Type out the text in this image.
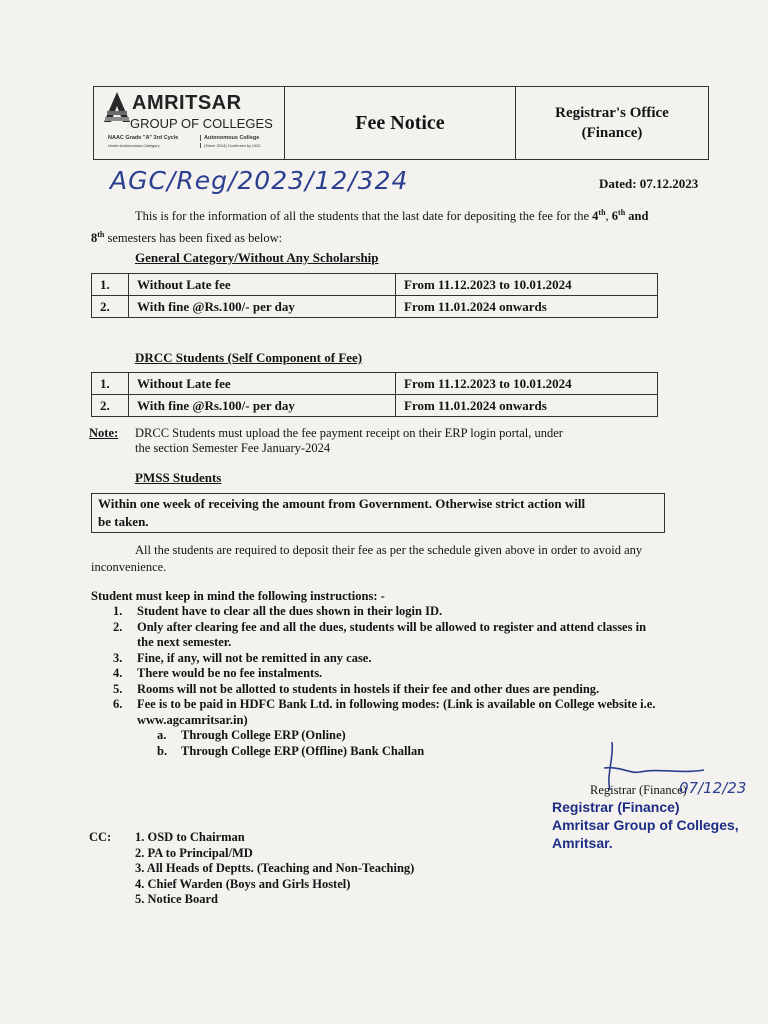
AMRITSAR
GROUP OF COLLEGES
NAAC Grade "A" 3rd Cycle	Autonomous College
Under Autonomous Category	(Since 2014) Conferred by UGC
Fee Notice	Registrar's Office
(Finance)
AGC/Reg/2023/12/324	Dated: 07.12.2023
This is for the information of all the students that the last date for depositing the fee for the 4th, 6th and
8th semesters has been fixed as below:
General Category/Without Any Scholarship
1.	Without Late fee	From 11.12.2023 to 10.01.2024
2.	With fine @Rs.100/- per day	From 11.01.2024 onwards
DRCC Students (Self Component of Fee)
1.	Without Late fee	From 11.12.2023 to 10.01.2024
2.	With fine @Rs.100/- per day	From 11.01.2024 onwards
Note: DRCC Students must upload the fee payment receipt on their ERP login portal, under
the section Semester Fee January-2024
PMSS Students
Within one week of receiving the amount from Government. Otherwise strict action will
be taken.
All the students are required to deposit their fee as per the schedule given above in order to avoid any
inconvenience.
Student must keep in mind the following instructions: -
1. Student have to clear all the dues shown in their login ID.
2. Only after clearing fee and all the dues, students will be allowed to register and attend classes in
the next semester.
3. Fine, if any, will not be remitted in any case.
4. There would be no fee instalments.
5. Rooms will not be allotted to students in hostels if their fee and other dues are pending.
6. Fee is to be paid in HDFC Bank Ltd. in following modes: (Link is available on College website i.e.
www.agcamritsar.in)
a. Through College ERP (Online)
b. Through College ERP (Offline) Bank Challan
Registrar (Finance)
07/12/23
Registrar (Finance)
Amritsar Group of Colleges,
Amritsar.
CC: 1. OSD to Chairman
2. PA to Principal/MD
3. All Heads of Deptts. (Teaching and Non-Teaching)
4. Chief Warden (Boys and Girls Hostel)
5. Notice Board
